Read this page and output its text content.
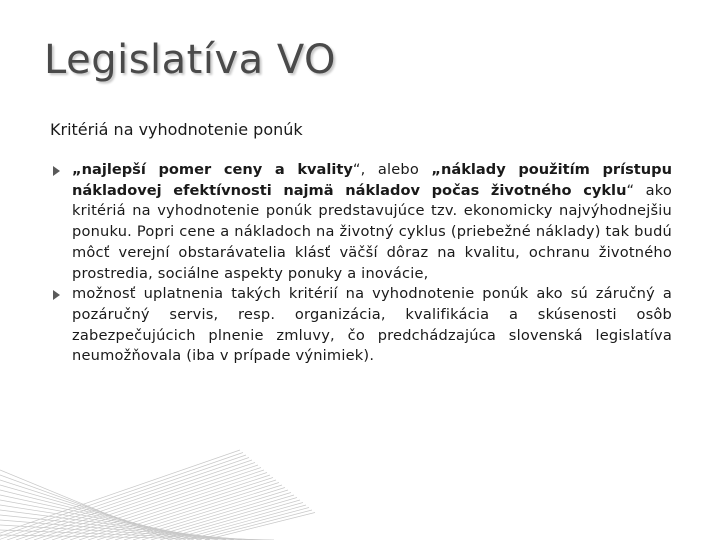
Legislatíva VO

Kritériá na vyhodnotenie ponúk

„najlepší pomer ceny a kvality“, alebo „náklady použitím prístupu nákladovej efektívnosti najmä nákladov počas životného cyklu“ ako kritériá na vyhodnotenie ponúk predstavujúce tzv. ekonomicky najvýhodnejšiu ponuku. Popri cene a nákladoch na životný cyklus (priebežné náklady) tak budú môcť verejní obstarávatelia klásť väčší dôraz na kvalitu, ochranu životného prostredia, sociálne aspekty ponuky a inovácie,
možnosť uplatnenia takých kritérií na vyhodnotenie ponúk ako sú záručný a pozáručný servis, resp. organizácia, kvalifikácia a skúsenosti osôb zabezpečujúcich plnenie zmluvy, čo predchádzajúca slovenská legislatíva neumožňovala (iba v prípade výnimiek).
